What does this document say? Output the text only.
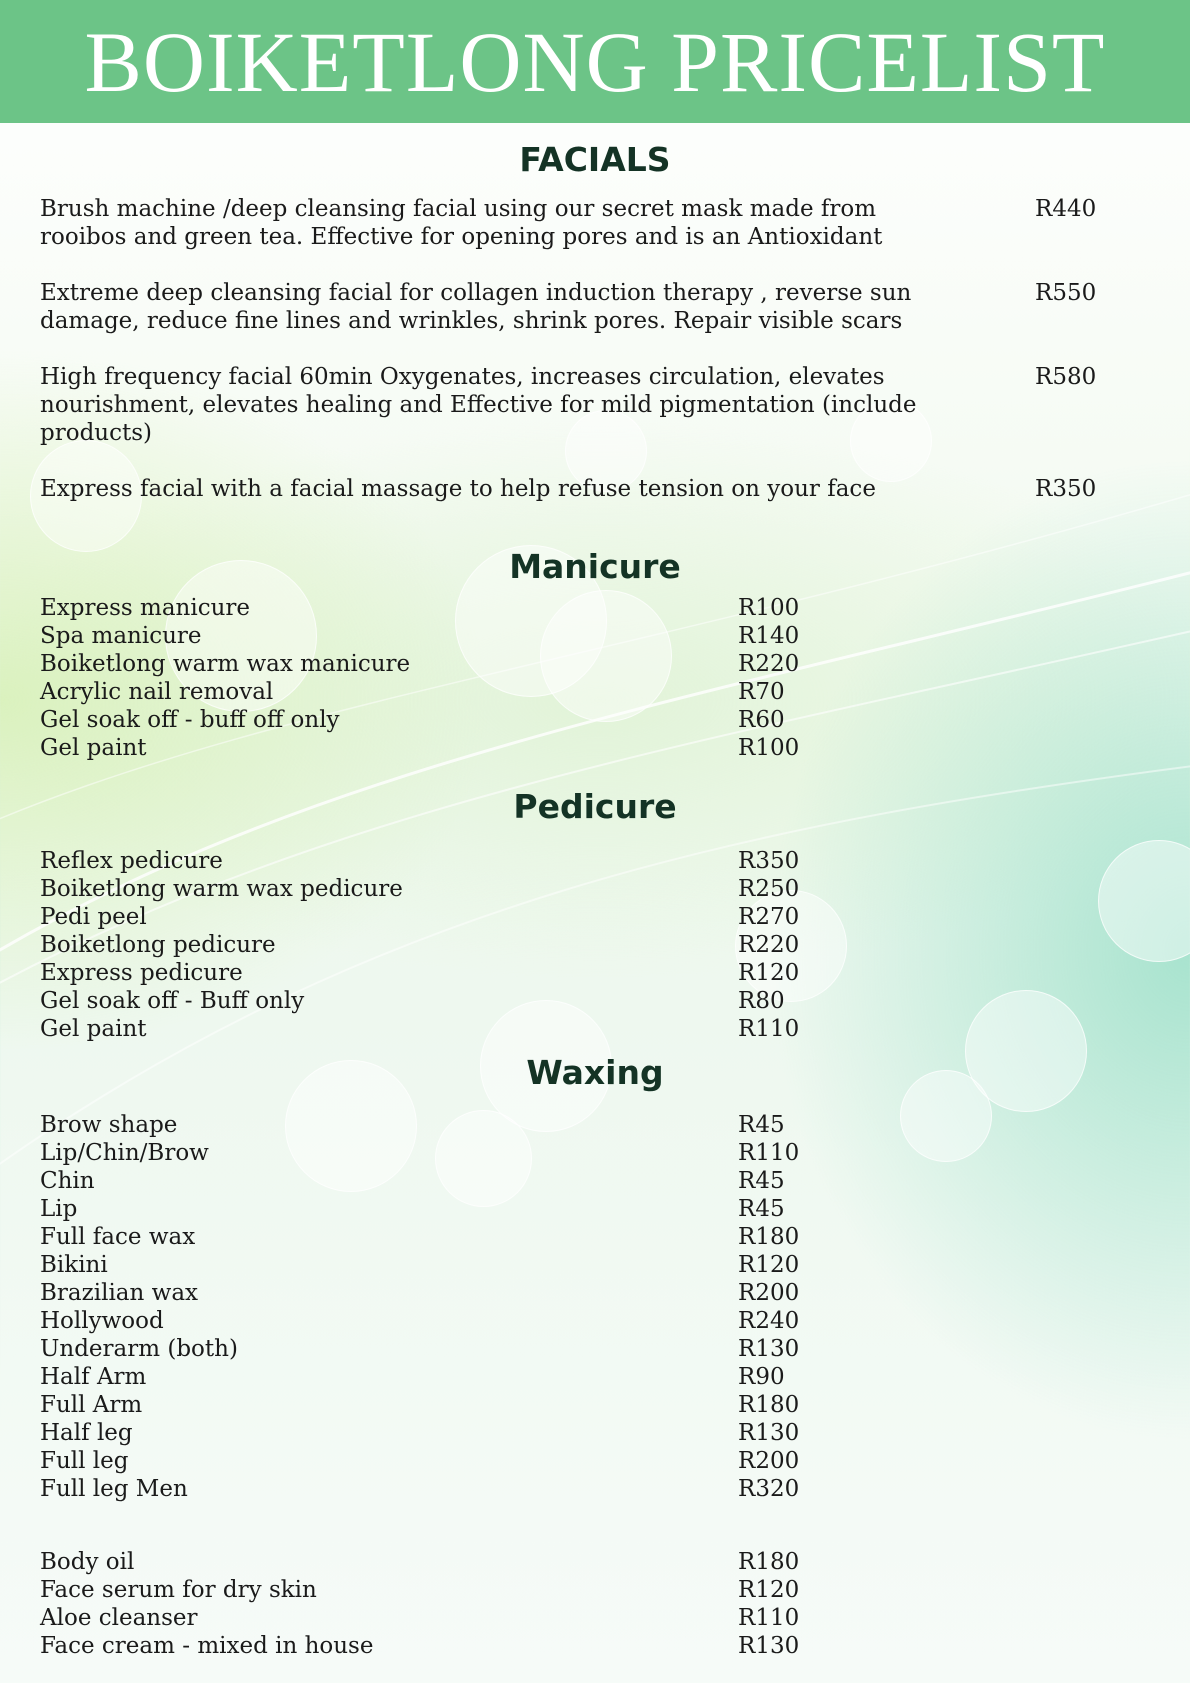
BOIKETLONG PRICELIST
FACIALS
Brush machine /deep cleansing facial using our secret mask made from rooibos and green tea. Effective for opening pores and is an Antioxidant
R440
Extreme deep cleansing facial for collagen induction therapy , reverse sun damage, reduce fine lines and wrinkles, shrink pores. Repair visible scars
R550
High frequency facial 60min Oxygenates, increases circulation, elevates nourishment, elevates healing and Effective for mild pigmentation (include products)
R580
Express facial with a facial massage to help refuse tension on your face	R350
Manicure
Express manicure	R100
Spa manicure	R140
Boiketlong warm wax manicure	R220
Acrylic nail removal	R70
Gel soak off - buff off only	R60
Gel paint	R100
Pedicure
Reflex pedicure	R350
Boiketlong warm wax pedicure	R250
Pedi peel	R270
Boiketlong pedicure	R220
Express pedicure	R120
Gel soak off - Buff only	R80
Gel paint	R110
Waxing
Brow shape	R45
Lip/Chin/Brow	R110
Chin	R45
Lip	R45
Full face wax	R180
Bikini	R120
Brazilian wax	R200
Hollywood	R240
Underarm (both)	R130
Half Arm	R90
Full Arm	R180
Half leg	R130
Full leg	R200
Full leg Men	R320
Body oil	R180
Face serum for dry skin	R120
Aloe cleanser	R110
Face cream - mixed in house	R130
